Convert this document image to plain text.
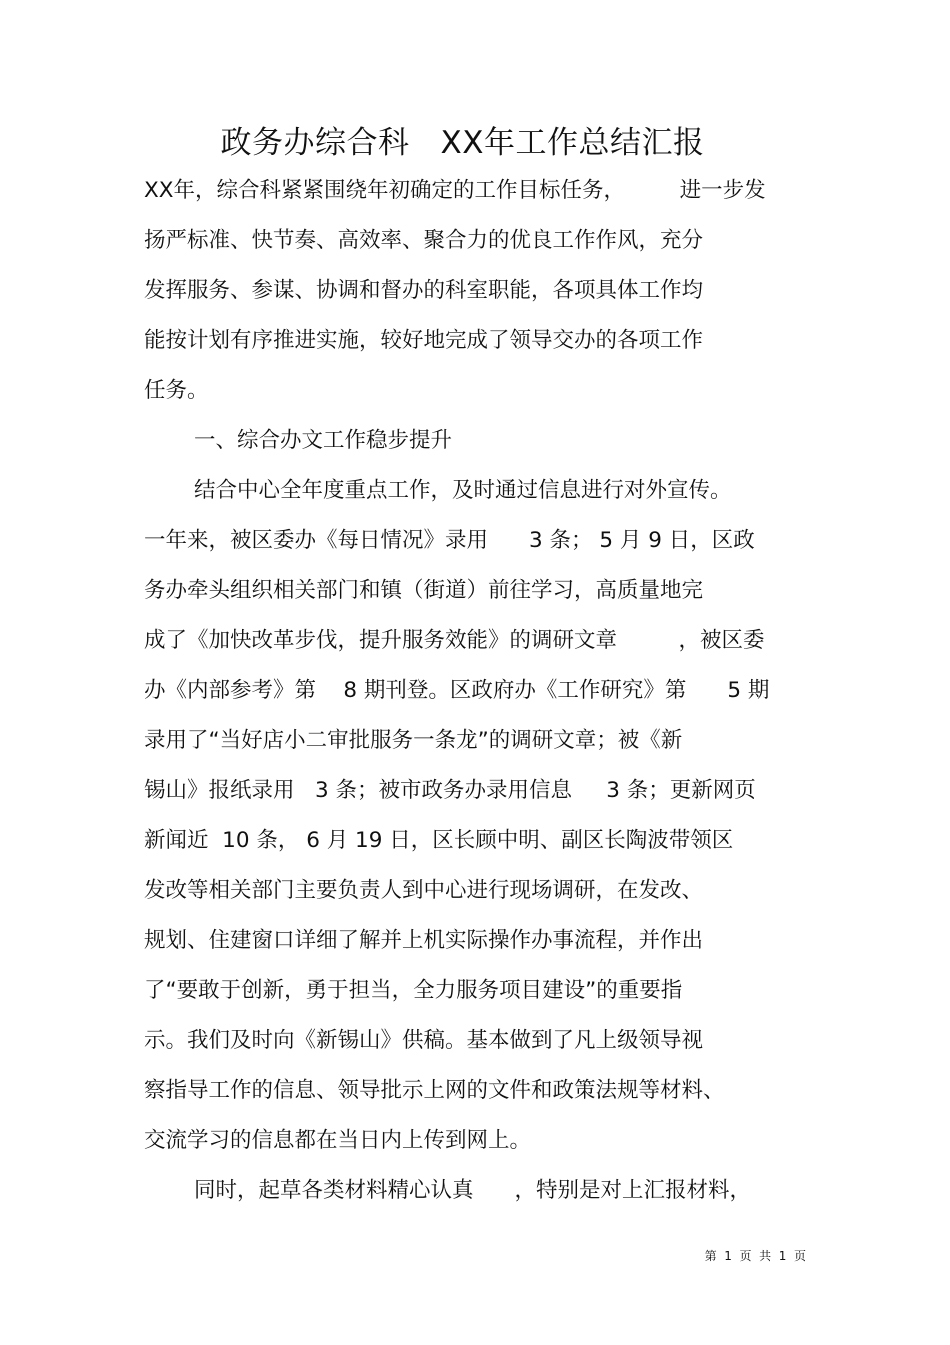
政务办综合科   XX年工作总结汇报
XX年，综合科紧紧围绕年初确定的工作目标任务，        进一步发
扬严标准、快节奏、高效率、聚合力的优良工作作风，充分
发挥服务、参谋、协调和督办的科室职能，各项具体工作均
能按计划有序推进实施，较好地完成了领导交办的各项工作
任务。
一、综合办文工作稳步提升
结合中心全年度重点工作，及时通过信息进行对外宣传。
一年来，被区委办《每日情况》录用      3 条； 5 月 9 日，区政
务办牵头组织相关部门和镇（街道）前往学习，高质量地完
成了《加快改革步伐，提升服务效能》的调研文章         ，被区委
办《内部参考》第    8 期刊登。区政府办《工作研究》第      5 期
录用了“当好店小二审批服务一条龙”的调研文章；被《新
锡山》报纸录用   3 条；被市政务办录用信息     3 条；更新网页
新闻近  10 条， 6 月 19 日，区长顾中明、副区长陶波带领区
发改等相关部门主要负责人到中心进行现场调研，在发改、
规划、住建窗口详细了解并上机实际操作办事流程，并作出
了“要敢于创新，勇于担当，全力服务项目建设”的重要指
示。我们及时向《新锡山》供稿。基本做到了凡上级领导视
察指导工作的信息、领导批示上网的文件和政策法规等材料、
交流学习的信息都在当日内上传到网上。
同时，起草各类材料精心认真      ，特别是对上汇报材料，
第  1  页  共  1  页
